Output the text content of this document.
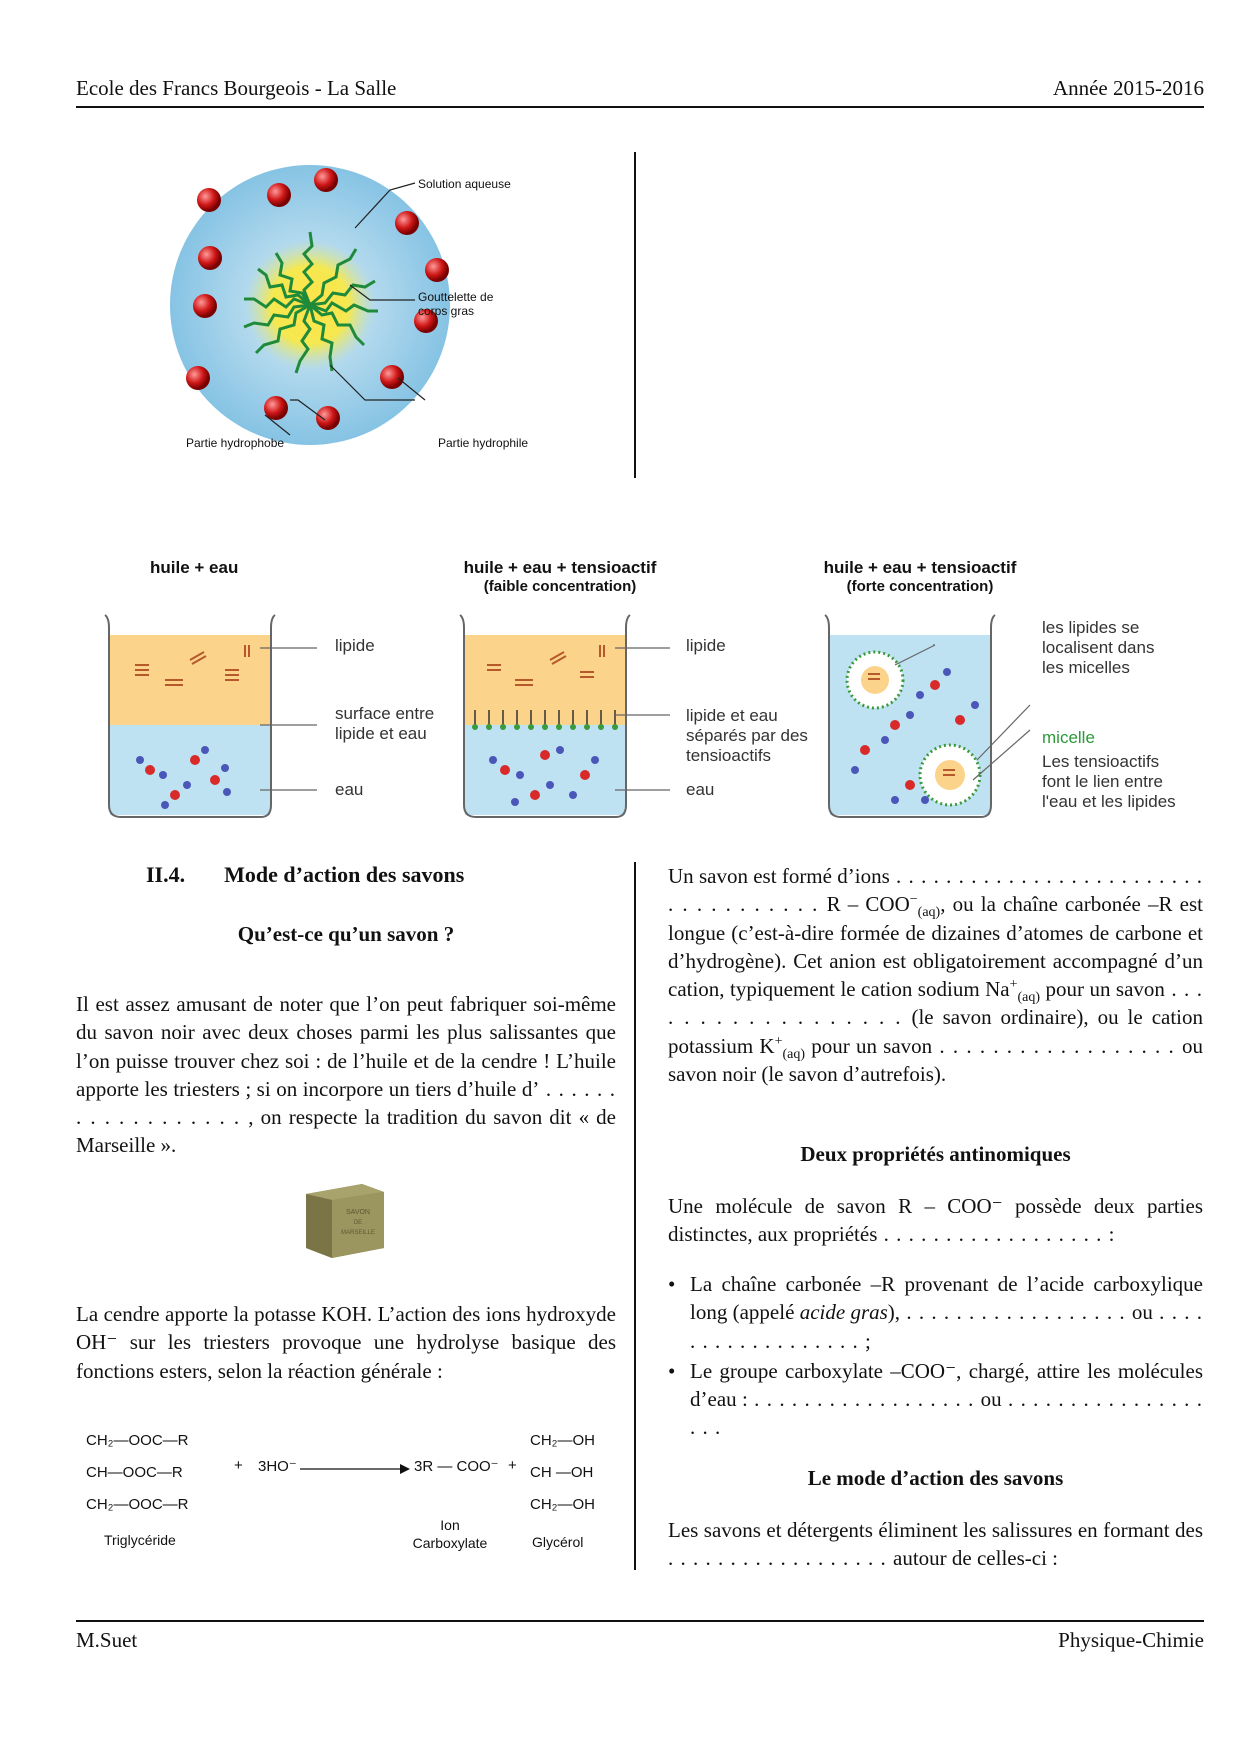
Ecole des Francs Bourgeois - La Salle	Année 2015-2016
Solution aqueuse
Gouttelette de
corps gras
Partie hydrophobe	Partie hydrophile
huile + eau	huile + eau + tensioactif
(faible concentration)
huile + eau + tensioactif
(forte concentration)
lipide
surface entre
lipide et eau
eau
lipide
lipide et eau
séparés par des
tensioactifs
eau
les lipides se
localisent dans
les micelles
micelle
Les tensioactifs
font le lien entre
l'eau et les lipides
II.4. Mode d’action des savons
Qu’est-ce qu’un savon ?
Il est assez amusant de noter que l’on peut fabriquer soi-même du savon noir avec deux choses parmi les plus salissantes que l’on puisse trouver chez soi : de l’huile et de la cendre ! L’huile apporte les triesters ; si on incorpore un tiers d’huile d’ . . . . . . . . . . . . . . . . . . , on respecte la tradition du savon dit « de Marseille ».
SAVON
DE
MARSEILLE
La cendre apporte la potasse KOH. L’action des ions hydroxyde OH⁻ sur les triesters provoque une hydrolyse basique des fonctions esters, selon la réaction générale :
CH₂—OOC—R
CH—OOC—R
CH₂—OOC—R
+ 3HO⁻	3R — COO⁻ +
CH₂—OH
CH —OH
CH₂—OH
Triglycéride
Ion
Carboxylate	Glycérol
Un savon est formé d’ions . . . . . . . . . . . . . . . . . . . . . . . . . . . . . . . . . . . . R – $COO^-_{(aq)}$, ou la chaîne carbonée –R est longue (c’est-à-dire formée de dizaines d’atomes de carbone et d’hydrogène). Cet anion est obligatoirement accompagné d’un cation, typiquement le cation sodium $Na^+_{(aq)}$ pour un savon . . . . . . . . . . . . . . . . . . (le savon ordinaire), ou le cation potassium $K^+_{(aq)}$ pour un savon . . . . . . . . . . . . . . . . . . ou savon noir (le savon d’autrefois).
Deux propriétés antinomiques
Une molécule de savon R – COO⁻ possède deux parties distinctes, aux propriétés . . . . . . . . . . . . . . . . . . :
• La chaîne carbonée –R provenant de l’acide carboxylique long (appelé acide gras), . . . . . . . . . . . . . . . . . . ou . . . . . . . . . . . . . . . . . . ;
• Le groupe carboxylate –COO⁻, chargé, attire les molécules d’eau : . . . . . . . . . . . . . . . . . . ou . . . . . . . . . . . . . . . . . . .
Le mode d’action des savons
Les savons et détergents éliminent les salissures en formant des . . . . . . . . . . . . . . . . . . autour de celles-ci :
M.Suet	Physique-Chimie
